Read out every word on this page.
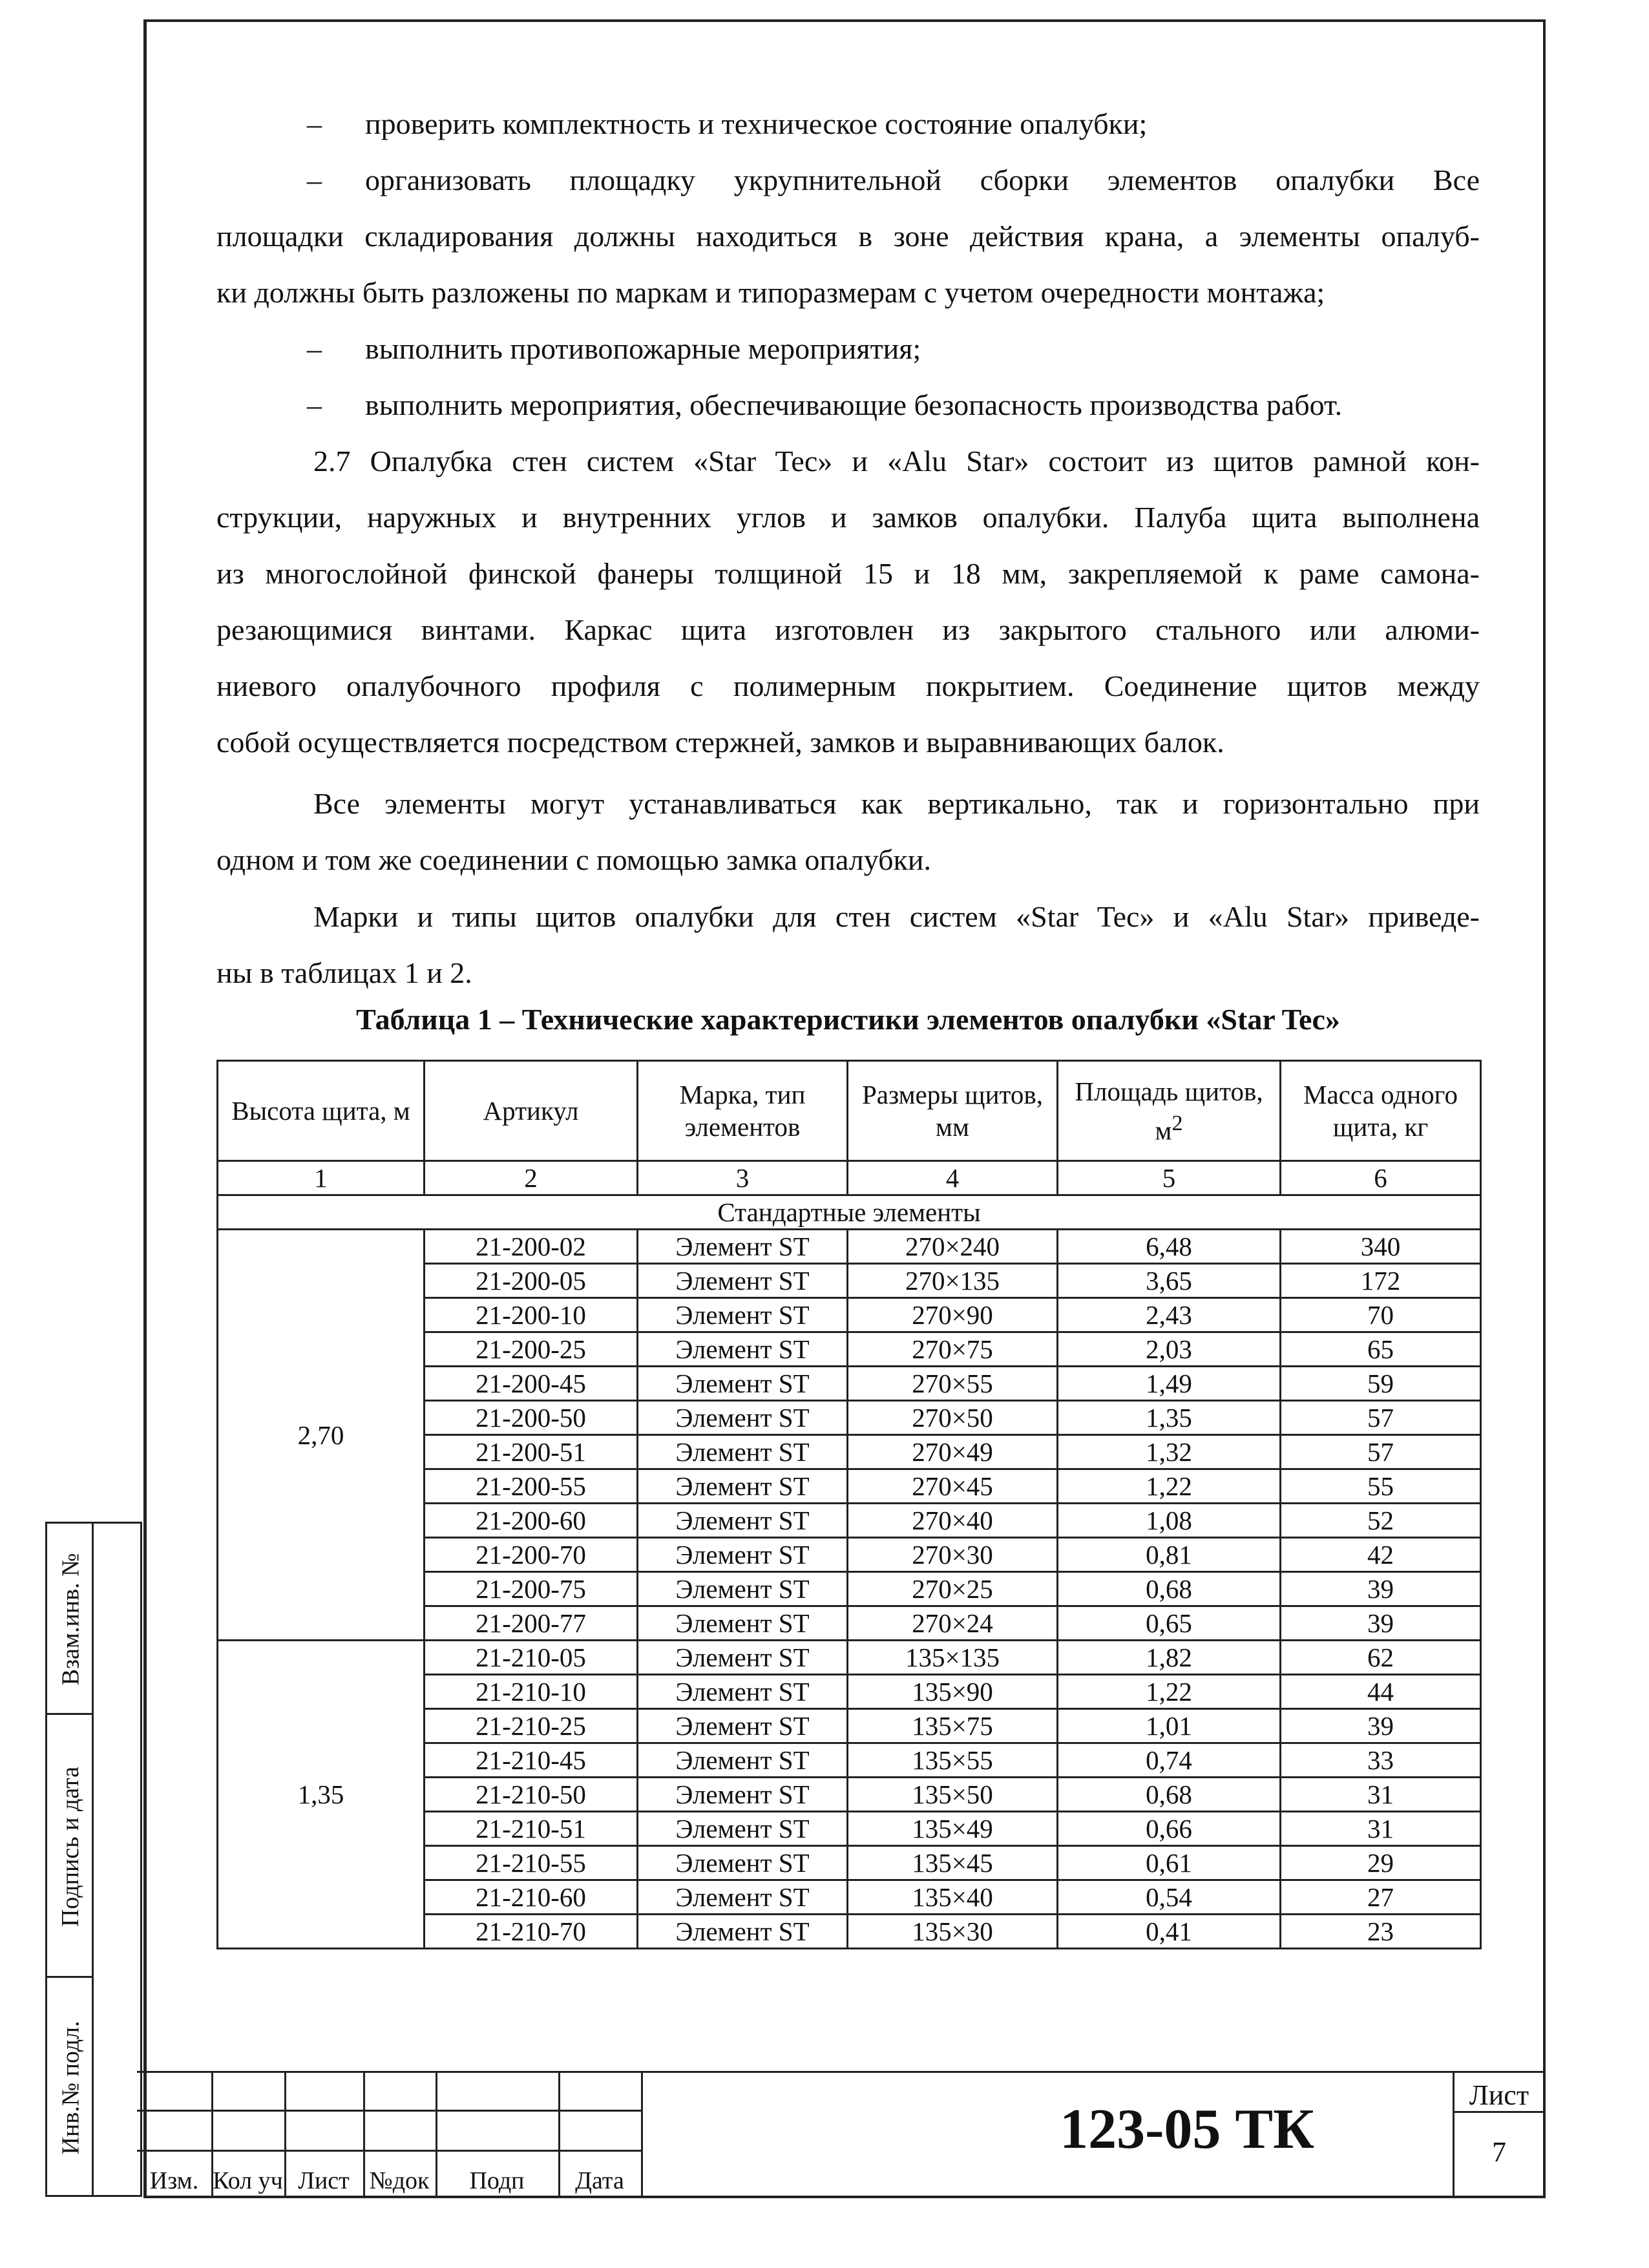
– проверить комплектность и техническое состояние опалубки;
– организовать площадку укрупнительной сборки элементов опалубки Все
площадки складирования должны находиться в зоне действия крана, а элементы опалуб-
ки должны быть разложены по маркам и типоразмерам с учетом очередности монтажа;
– выполнить противопожарные мероприятия;
– выполнить мероприятия, обеспечивающие безопасность производства работ.
2.7 Опалубка стен систем «Star Tec» и «Alu Star» состоит из щитов рамной кон-
струкции, наружных и внутренних углов и замков опалубки. Палуба щита выполнена
из многослойной финской фанеры толщиной 15 и 18 мм, закрепляемой к раме самона-
резающимися винтами. Каркас щита изготовлен из закрытого стального или алюми-
ниевого опалубочного профиля с полимерным покрытием. Соединение щитов между
собой осуществляется посредством стержней, замков и выравнивающих балок.
Все элементы могут устанавливаться как вертикально, так и горизонтально при
одном и том же соединении с помощью замка опалубки.
Марки и типы щитов опалубки для стен систем «Star Tec» и «Alu Star» приведе-
ны в таблицах 1 и 2.
Таблица 1 – Технические характеристики элементов опалубки «Star Tec»
Высота щита, м	Артикул	Марка, тип элементов	Размеры щитов, мм	Площадь щитов, $м^2$	Масса одного щита, кг
1	2	3	4	5	6
Стандартные элементы					
2,70	21-200-02	Элемент ST	270×240	6,48	340
	21-200-05	Элемент ST	270×135	3,65	172
	21-200-10	Элемент ST	270×90	2,43	70
	21-200-25	Элемент ST	270×75	2,03	65
	21-200-45	Элемент ST	270×55	1,49	59
	21-200-50	Элемент ST	270×50	1,35	57
	21-200-51	Элемент ST	270×49	1,32	57
	21-200-55	Элемент ST	270×45	1,22	55
	21-200-60	Элемент ST	270×40	1,08	52
	21-200-70	Элемент ST	270×30	0,81	42
	21-200-75	Элемент ST	270×25	0,68	39
	21-200-77	Элемент ST	270×24	0,65	39
1,35	21-210-05	Элемент ST	135×135	1,82	62
	21-210-10	Элемент ST	135×90	1,22	44
	21-210-25	Элемент ST	135×75	1,01	39
	21-210-45	Элемент ST	135×55	0,74	33
	21-210-50	Элемент ST	135×50	0,68	31
	21-210-51	Элемент ST	135×49	0,66	31
	21-210-55	Элемент ST	135×45	0,61	29
	21-210-60	Элемент ST	135×40	0,54	27
	21-210-70	Элемент ST	135×30	0,41	23
Взам.инв. №
Подпись и дата
Инв.№ подл.
Изм. Кол уч Лист №док	Подп	Дата
123-05 ТК
Лист
7
